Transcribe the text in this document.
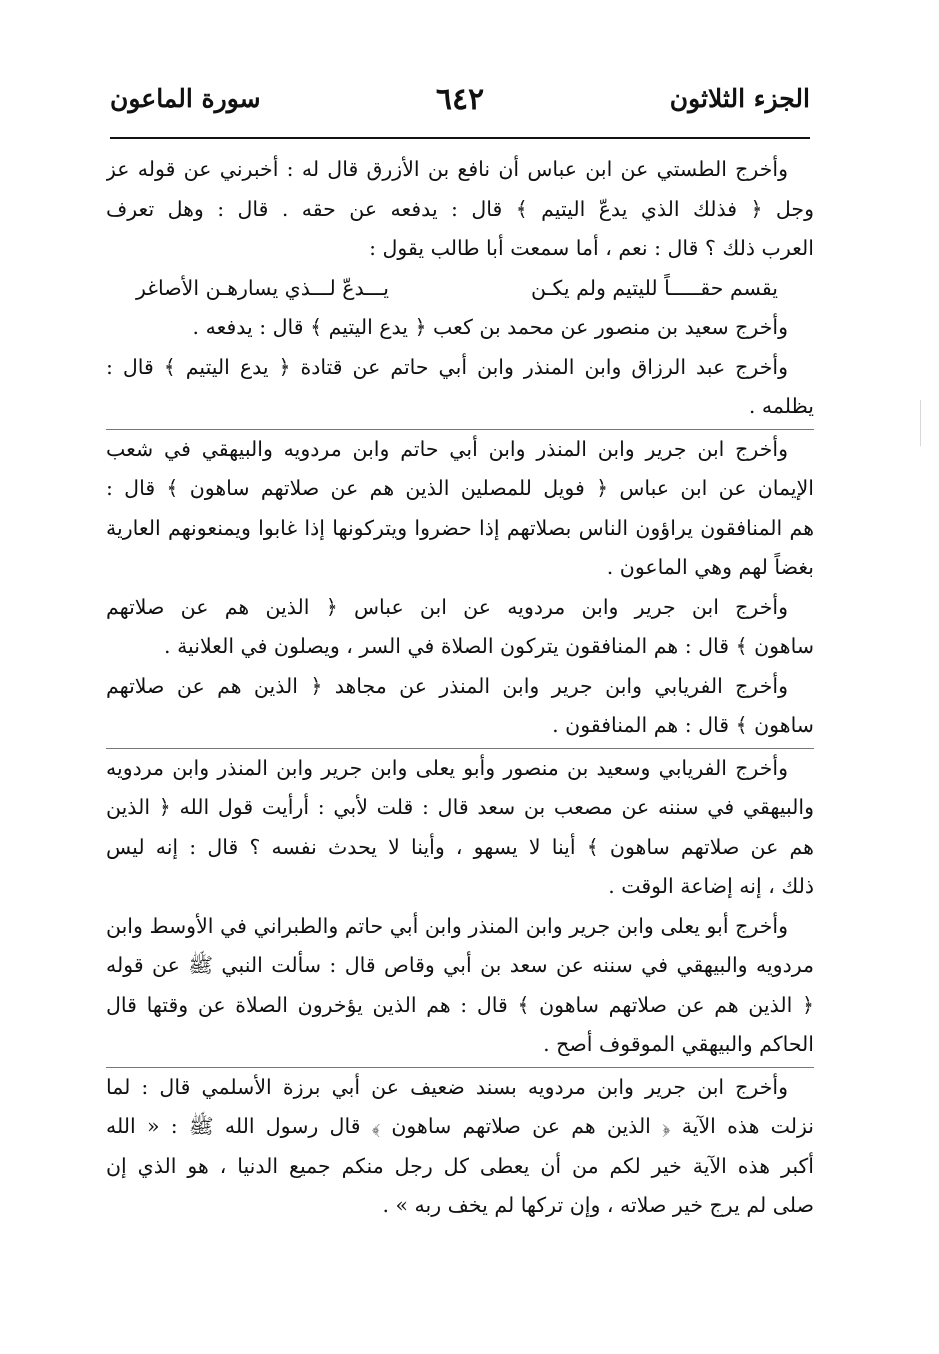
الجزء الثلاثون
٦٤٢
سورة الماعون
وأخرج الطستي عن ابن عباس أن نافع بن الأزرق قال له : أخبرني عن قوله عز
وجل ﴿ فذلك الذي يدعّ اليتيم ﴾ قال : يدفعه عن حقه . قال : وهل تعرف
العرب ذلك ؟ قال : نعم ، أما سمعت أبا طالب يقول :
يقسم حقـــــاً لليتيم ولم يكـن
يـــدعّ لـــذي يسارهـن الأصاغر
وأخرج سعيد بن منصور عن محمد بن كعب ﴿ يدع اليتيم ﴾ قال : يدفعه .
وأخرج عبد الرزاق وابن المنذر وابن أبي حاتم عن قتادة ﴿ يدع اليتيم ﴾ قال :
يظلمه .
وأخرج ابن جرير وابن المنذر وابن أبي حاتم وابن مردويه والبيهقي في شعب
الإيمان عن ابن عباس ﴿ فويل للمصلين الذين هم عن صلاتهم ساهون ﴾ قال :
هم المنافقون يراؤون الناس بصلاتهم إذا حضروا ويتركونها إذا غابوا ويمنعونهم العارية
بغضاً لهم وهي الماعون .
وأخرج ابن جرير وابن مردويه عن ابن عباس ﴿ الذين هم عن صلاتهم
ساهون ﴾ قال : هم المنافقون يتركون الصلاة في السر ، ويصلون في العلانية .
وأخرج الفريابي وابن جرير وابن المنذر عن مجاهد ﴿ الذين هم عن صلاتهم
ساهون ﴾ قال : هم المنافقون .
وأخرج الفريابي وسعيد بن منصور وأبو يعلى وابن جرير وابن المنذر وابن مردويه
والبيهقي في سننه عن مصعب بن سعد قال : قلت لأبي : أرأيت قول الله ﴿ الذين
هم عن صلاتهم ساهون ﴾ أينا لا يسهو ، وأينا لا يحدث نفسه ؟ قال : إنه ليس
ذلك ، إنه إضاعة الوقت .
وأخرج أبو يعلى وابن جرير وابن المنذر وابن أبي حاتم والطبراني في الأوسط وابن
مردويه والبيهقي في سننه عن سعد بن أبي وقاص قال : سألت النبي ﷺ عن قوله
﴿ الذين هم عن صلاتهم ساهون ﴾ قال : هم الذين يؤخرون الصلاة عن وقتها قال
الحاكم والبيهقي الموقوف أصح .
وأخرج ابن جرير وابن مردويه بسند ضعيف عن أبي برزة الأسلمي قال : لما
نزلت هذه الآية ﴿ الذين هم عن صلاتهم ساهون ﴾ قال رسول الله ﷺ : « الله
أكبر هذه الآية خير لكم من أن يعطى كل رجل منكم جميع الدنيا ، هو الذي إن
صلى لم يرج خير صلاته ، وإن تركها لم يخف ربه » .
